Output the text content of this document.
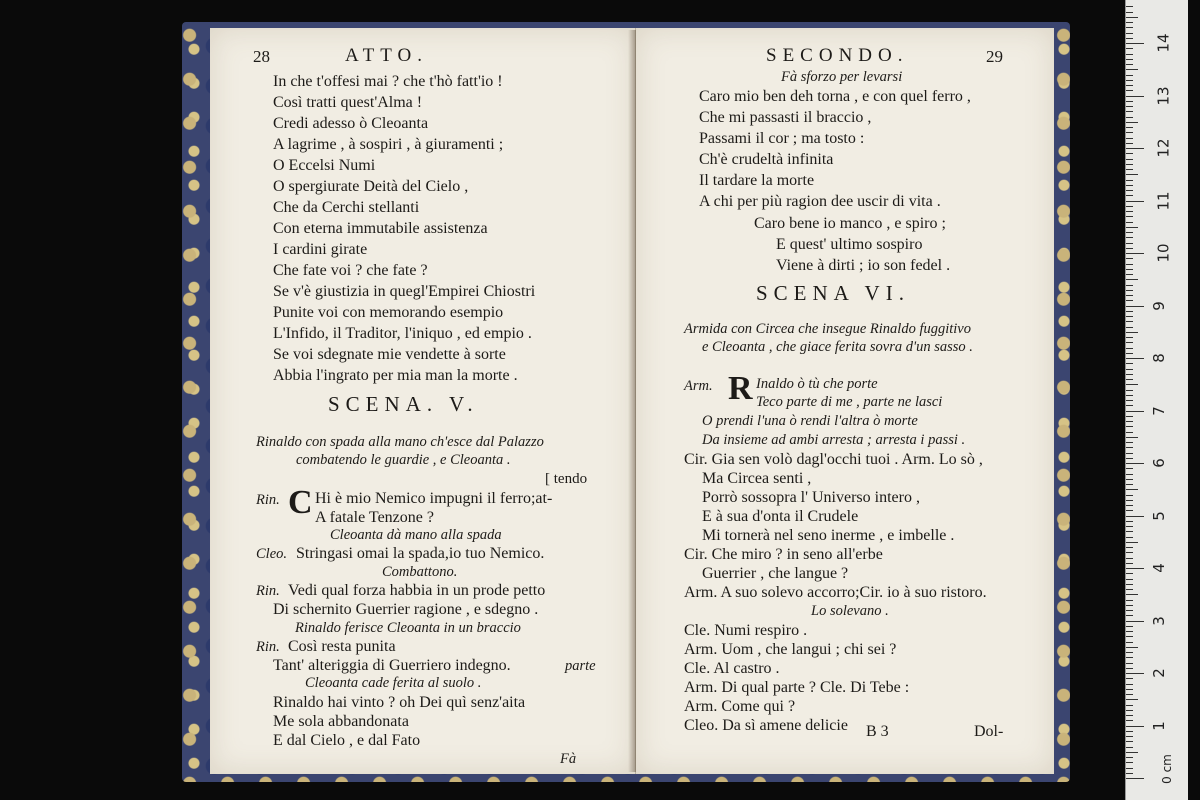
28	ATTO.
In che t'offesi mai ? che t'hò fatt'io !
Così tratti quest'Alma !
Credi adesso ò Cleoanta
A lagrime , à sospiri , à giuramenti ;
O Eccelsi Numi
O spergiurate Deità del Cielo ,
Che da Cerchi stellanti
Con eterna immutabile assistenza
I cardini girate
Che fate voi ? che fate ?
Se v'è giustizia in quegl'Empirei Chiostri
Punite voi con memorando esempio
L'Infido, il Traditor, l'iniquo , ed empio .
Se voi sdegnate mie vendette à sorte
Abbia l'ingrato per mia man la morte .
SCENA. V.
Rinaldo con spada alla mano ch'esce dal Palazzo
combatendo le guardie , e Cleoanta .
[ tendo
Rin. C Hi è mio Nemico impugni il ferro;at-
A fatale Tenzone ?
Cleoanta dà mano alla spada
Cleo. Stringasi omai la spada,io tuo Nemico.
Combattono.
Rin. Vedi qual forza habbia in un prode petto
Di schernito Guerrier ragione , e sdegno .
Rinaldo ferisce Cleoanta in un braccio
Rin. Così resta punita
Tant' alteriggia di Guerriero indegno.	parte
Cleoanta cade ferita al suolo .
Rinaldo hai vinto ? oh Dei quì senz'aita
Me sola abbandonata
E dal Cielo , e dal Fato
Fà
SECONDO.	29
Fà sforzo per levarsi
Caro mio ben deh torna , e con quel ferro ,
Che mi passasti il braccio ,
Passami il cor ; ma tosto :
Ch'è crudeltà infinita
Il tardare la morte
A chi per più ragion dee uscir di vita .
Caro bene io manco , e spiro ;
E quest' ultimo sospiro
Viene à dirti ; io son fedel .
SCENA VI.
Armida con Circea che insegue Rinaldo fuggitivo
e Cleoanta , che giace ferita sovra d'un sasso .
Arm. R Inaldo ò tù che porte
Teco parte di me , parte ne lasci
O prendi l'una ò rendi l'altra ò morte
Da insieme ad ambi arresta ; arresta i passi .
Cir. Gia sen volò dagl'occhi tuoi . Arm. Lo sò ,
Ma Circea senti ,
Porrò sossopra l' Universo intero ,
E à sua d'onta il Crudele
Mi tornerà nel seno inerme , e imbelle .
Cir. Che miro ? in seno all'erbe
Guerrier , che langue ?
Arm. A suo solevo accorro;Cir. io à suo ristoro.
Lo solevano .
Cle. Numi respiro .
Arm. Uom , che langui ; chi sei ?
Cle. Al castro .
Arm. Di qual parte ? Cle. Di Tebe :
Arm. Come qui ?
Cleo. Da sì amene delicie B 3	Dol-	1
2
3
4
5
6
7
8
9
10
11
12
13
14
0 cm
